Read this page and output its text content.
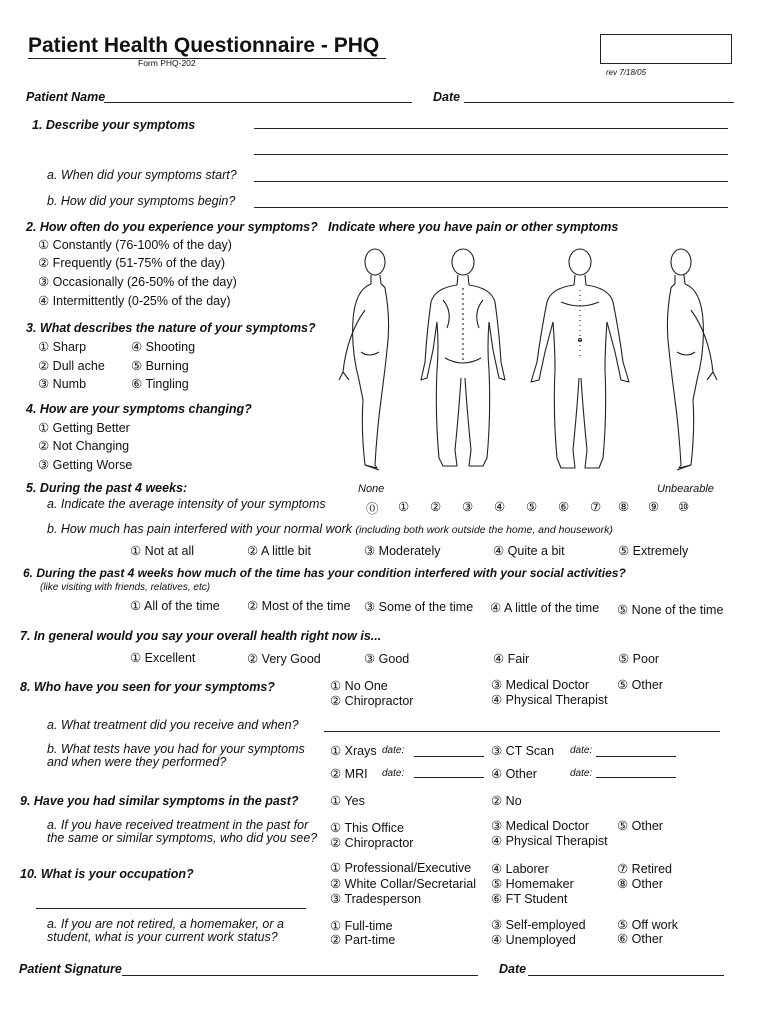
Patient Health Questionnaire - PHQ
Form PHQ-202
rev 7/18/05
Patient Name	Date
1. Describe your symptoms
a. When did your symptoms start?
b. How did your symptoms begin?
2. How often do you experience your symptoms? Indicate where you have pain or other symptoms
① Constantly (76-100% of the day)
② Frequently (51-75% of the day)
③ Occasionally (26-50% of the day)
④ Intermittently (0-25% of the day)
3. What describes the nature of your symptoms?
① Sharp	④ Shooting
② Dull ache ⑤ Burning
③ Numb	⑥ Tingling
4. How are your symptoms changing?
① Getting Better
② Not Changing
③ Getting Worse
5. During the past 4 weeks:	None	Unbearable
a. Indicate the average intensity of your symptoms	⓪ ① ② ③ ④ ⑤ ⑥ ⑦ ⑧ ⑨ ⑩
b. How much has pain interfered with your normal work (including both work outside the home, and housework)
① Not at all	② A little bit	③ Moderately	④ Quite a bit	⑤ Extremely
6. During the past 4 weeks how much of the time has your condition interfered with your social activities?
(like visiting with friends, relatives, etc)
① All of the time ② Most of the time ③ Some of the time ④ A little of the time ⑤ None of the time
7. In general would you say your overall health right now is...
① Excellent	② Very Good	③ Good	④ Fair	⑤ Poor
8. Who have you seen for your symptoms?	① No One
② Chiropractor
③ Medical Doctor
④ Physical Therapist
⑤ Other
a. What treatment did you receive and when?
b. What tests have you had for your symptoms
and when were they performed?
① Xrays date:	③ CT Scan date:
② MRI date:	④ Other	date:
9. Have you had similar symptoms in the past?	① Yes	② No
a. If you have received treatment in the past for
the same or similar symptoms, who did you see?
① This Office
② Chiropractor
③ Medical Doctor
④ Physical Therapist
⑤ Other
10. What is your occupation?	① Professional/Executive
② White Collar/Secretarial
③ Tradesperson
④ Laborer
⑤ Homemaker
⑥ FT Student
⑦ Retired
⑧ Other
a. If you are not retired, a homemaker, or a
student, what is your current work status?
① Full-time
② Part-time
③ Self-employed
④ Unemployed
⑤ Off work
⑥ Other
Patient Signature	Date
